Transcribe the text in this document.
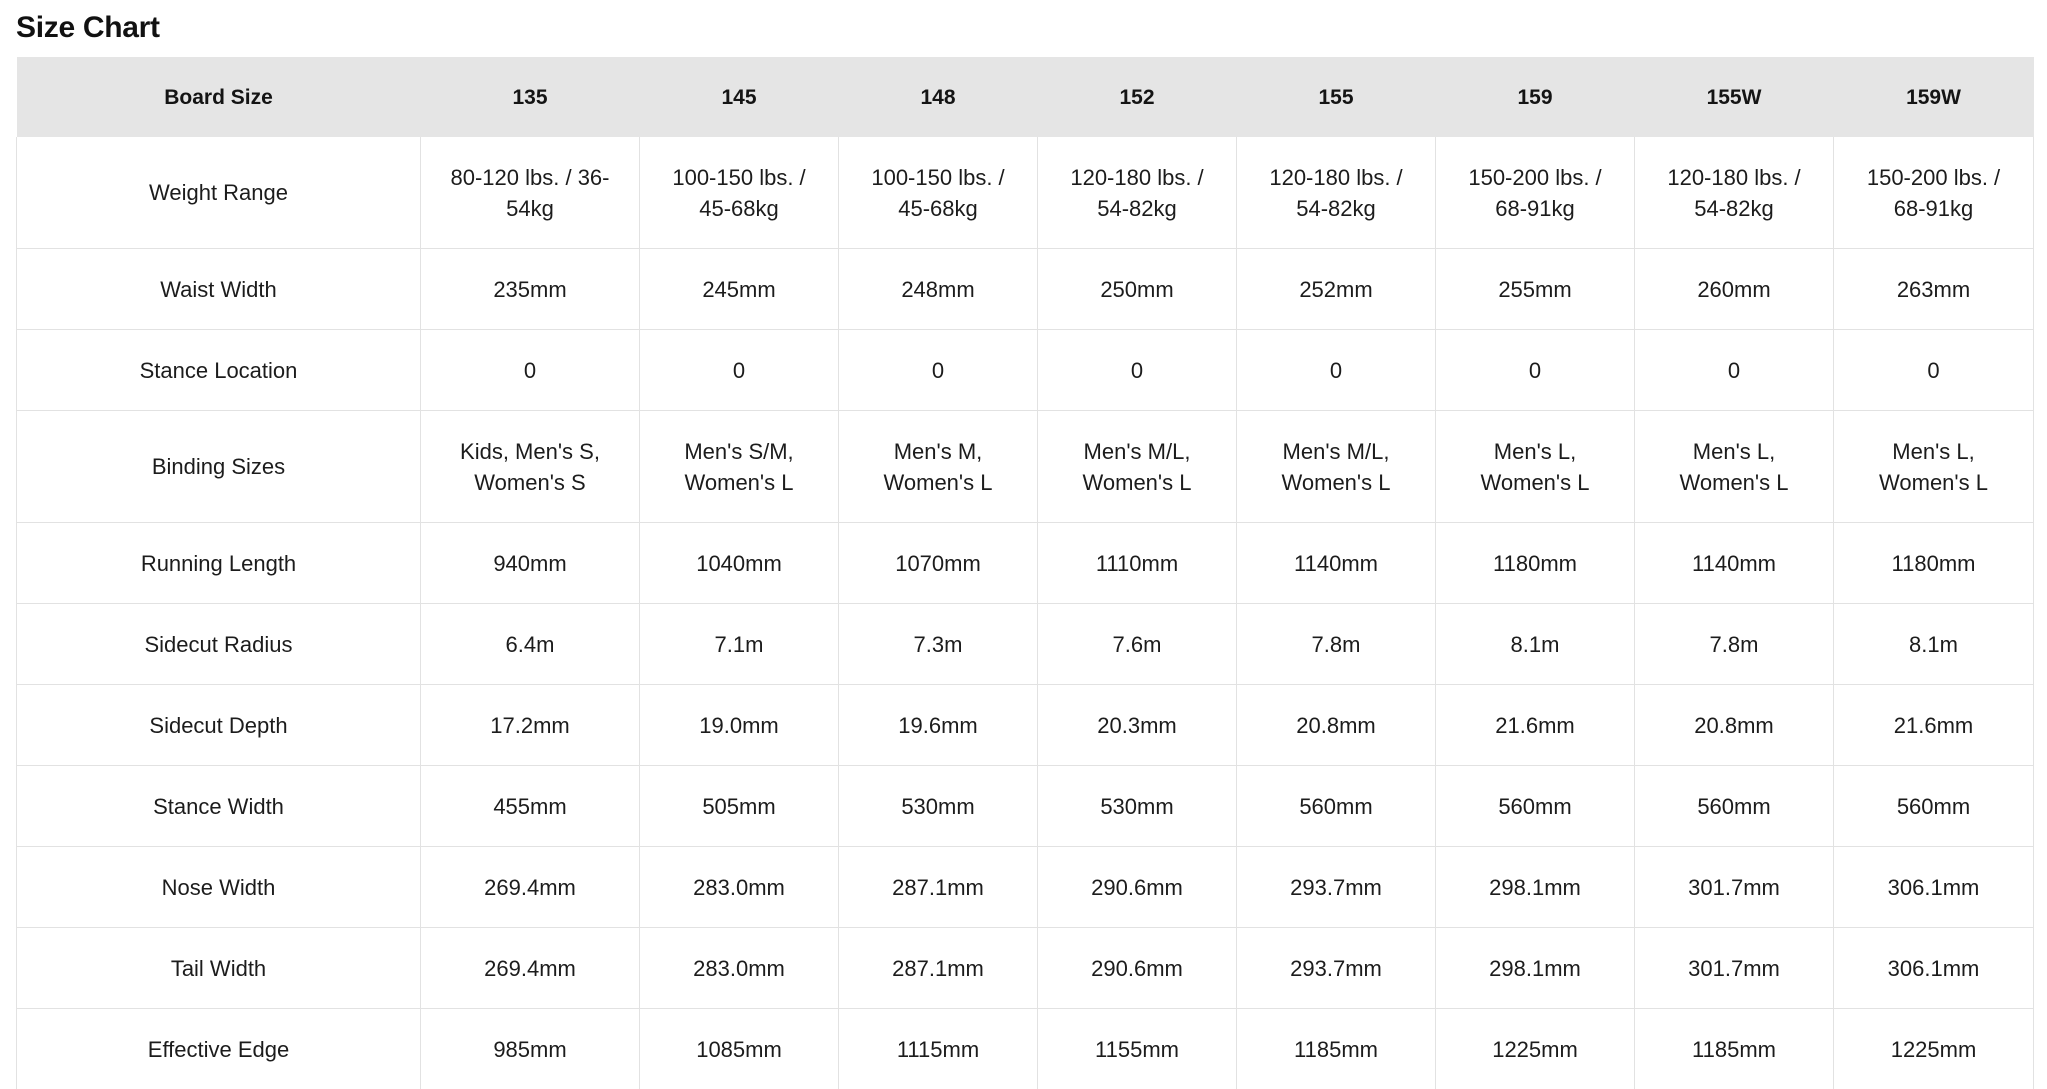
Size Chart
Board Size	135	145	148	152	155	159	155W	159W
Weight Range	80-120 lbs. / 36-54kg	100-150 lbs. / 45-68kg	100-150 lbs. / 45-68kg	120-180 lbs. / 54-82kg	120-180 lbs. / 54-82kg	150-200 lbs. / 68-91kg	120-180 lbs. / 54-82kg	150-200 lbs. / 68-91kg
Waist Width	235mm	245mm	248mm	250mm	252mm	255mm	260mm	263mm
Stance Location	0	0	0	0	0	0	0	0
Binding Sizes	Kids, Men's S, Women's S	Men's S/M, Women's L	Men's M, Women's L	Men's M/L, Women's L	Men's M/L, Women's L	Men's L, Women's L	Men's L, Women's L	Men's L, Women's L
Running Length	940mm	1040mm	1070mm	1110mm	1140mm	1180mm	1140mm	1180mm
Sidecut Radius	6.4m	7.1m	7.3m	7.6m	7.8m	8.1m	7.8m	8.1m
Sidecut Depth	17.2mm	19.0mm	19.6mm	20.3mm	20.8mm	21.6mm	20.8mm	21.6mm
Stance Width	455mm	505mm	530mm	530mm	560mm	560mm	560mm	560mm
Nose Width	269.4mm	283.0mm	287.1mm	290.6mm	293.7mm	298.1mm	301.7mm	306.1mm
Tail Width	269.4mm	283.0mm	287.1mm	290.6mm	293.7mm	298.1mm	301.7mm	306.1mm
Effective Edge	985mm	1085mm	1115mm	1155mm	1185mm	1225mm	1185mm	1225mm
